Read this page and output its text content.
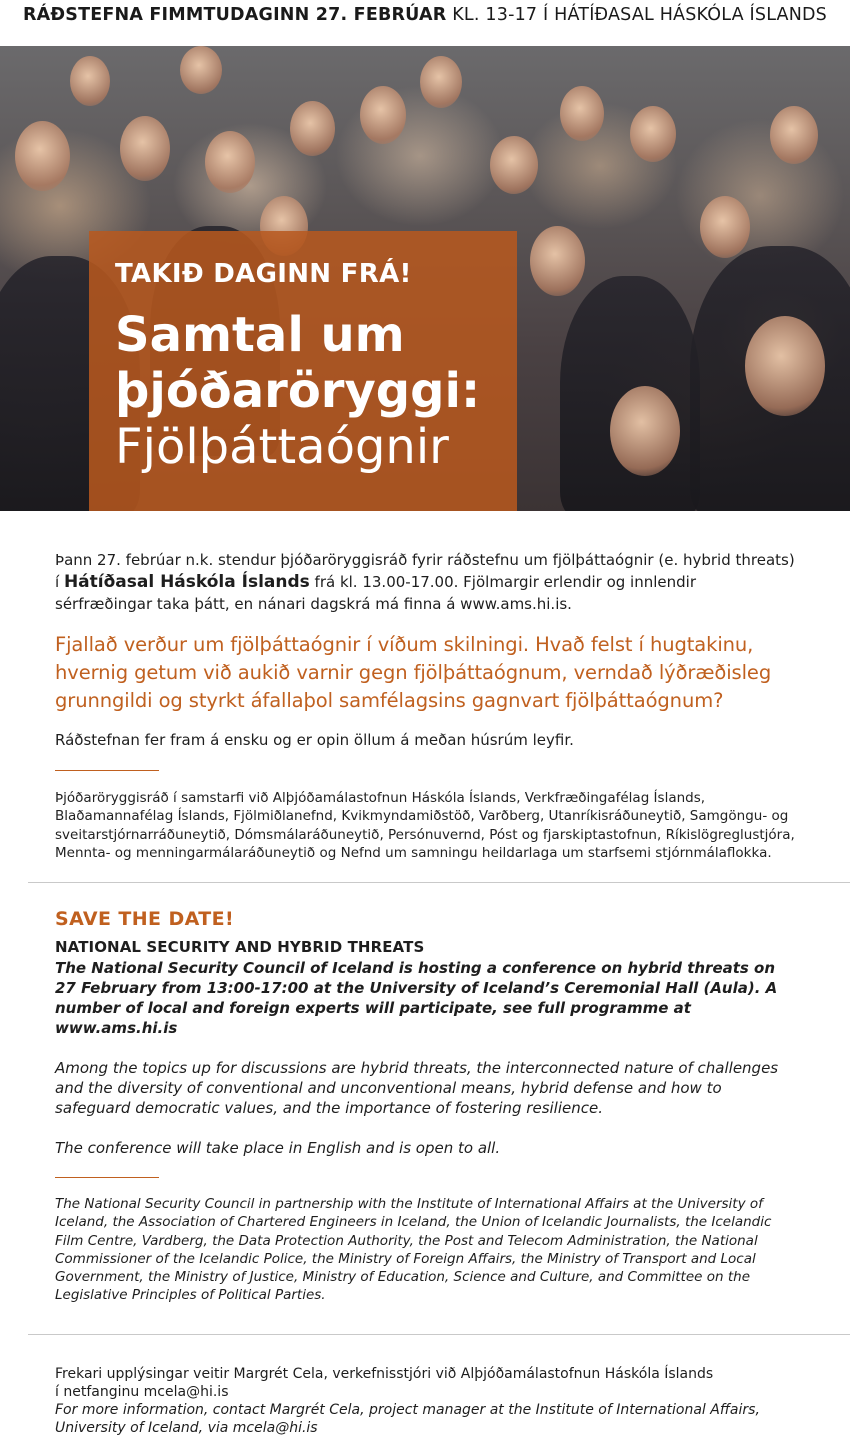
RÁÐSTEFNA FIMMTUDAGINN 27. FEBRÚAR KL. 13-17 Í HÁTÍÐASAL HÁSKÓLA ÍSLANDS
TAKIÐ DAGINN FRÁ!
Samtal um
þjóðaröryggi:
Fjölþáttaógnir

Þann 27. febrúar n.k. stendur þjóðaröryggisráð fyrir ráðstefnu um fjölþáttaógnir (e. hybrid threats) í Hátíðasal Háskóla Íslands frá kl. 13.00-17.00. Fjölmargir erlendir og innlendir sérfræðingar taka þátt, en nánari dagskrá má finna á www.ams.hi.is.

Fjallað verður um fjölþáttaógnir í víðum skilningi. Hvað felst í hugtakinu, hvernig getum við aukið varnir gegn fjölþáttaógnum, verndað lýðræðisleg grunngildi og styrkt áfallaþol samfélagsins gagnvart fjölþáttaógnum?

Ráðstefnan fer fram á ensku og er opin öllum á meðan húsrúm leyfir.

Þjóðaröryggisráð í samstarfi við Alþjóðamálastofnun Háskóla Íslands, Verkfræðingafélag Íslands, Blaðamannafélag Íslands, Fjölmiðlanefnd, Kvikmyndamiðstöð, Varðberg, Utanríkisráðuneytið, Samgöngu- og sveitarstjórnarráðuneytið, Dómsmálaráðuneytið, Persónuvernd, Póst og fjarskiptastofnun, Ríkislögreglustjóra, Mennta- og menningarmálaráðuneytið og Nefnd um samningu heildarlaga um starfsemi stjórnmálaflokka.

SAVE THE DATE!
NATIONAL SECURITY AND HYBRID THREATS

The National Security Council of Iceland is hosting a conference on hybrid threats on 27 February from 13:00-17:00 at the University of Iceland’s Ceremonial Hall (Aula). A number of local and foreign experts will participate, see full programme at www.ams.hi.is

Among the topics up for discussions are hybrid threats, the interconnected nature of challenges and the diversity of conventional and unconventional means, hybrid defense and how to safeguard democratic values, and the importance of fostering resilience.

The conference will take place in English and is open to all.

The National Security Council in partnership with the Institute of International Affairs at the University of Iceland, the Association of Chartered Engineers in Iceland, the Union of Icelandic Journalists, the Icelandic Film Centre, Vardberg, the Data Protection Authority, the Post and Telecom Administration, the National Commissioner of the Icelandic Police, the Ministry of Foreign Affairs, the Ministry of Transport and Local Government, the Ministry of Justice, Ministry of Education, Science and Culture, and Committee on the Legislative Principles of Political Parties.

Frekari upplýsingar veitir Margrét Cela, verkefnisstjóri við Alþjóðamálastofnun Háskóla Íslands
í netfanginu mcela@hi.is
For more information, contact Margrét Cela, project manager at the Institute of International Affairs, University of Iceland, via mcela@hi.is
